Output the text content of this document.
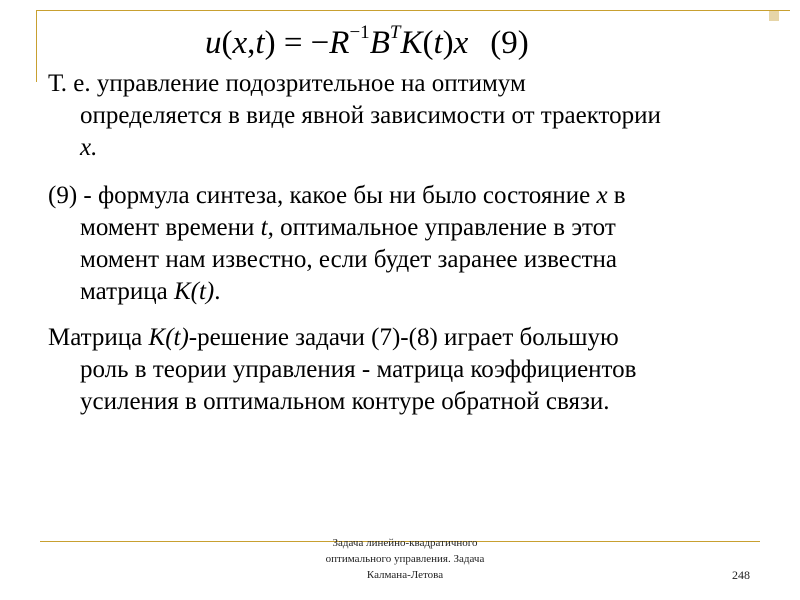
$u(x,t) = -R^{-1}B^TK(t)x$ (9)
Т. е. управление подозрительное на оптимум
определяется в виде явной зависимости от траектории
x.
(9) - формула синтеза, какое бы ни было состояние x в
момент времени t, оптимальное управление в этот
момент нам известно, если будет заранее известна
матрица K(t).
Матрица K(t)-решение задачи (7)-(8) играет большую
роль в теории управления - матрица коэффициентов
усиления в оптимальном контуре обратной связи.
Задача линейно-квадратичного
оптимального управления. Задача
Калмана-Летова	248
